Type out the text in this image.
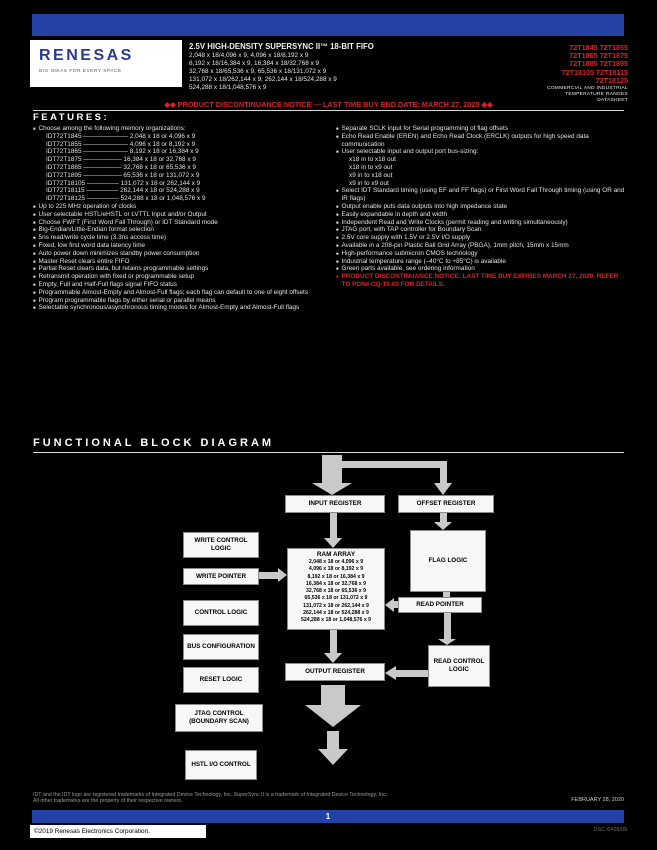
RENESAS
BIG IDEAS FOR EVERY SPACE
2.5V HIGH-DENSITY SUPERSYNC II™ 18-BIT FIFO
2,048 x 18/4,096 x 9, 4,096 x 18/8,192 x 9
8,192 x 18/16,384 x 9, 16,384 x 18/32,768 x 9
32,768 x 18/65,536 x 9, 65,536 x 18/131,072 x 9
131,072 x 18/262,144 x 9, 262,144 x 18/524,288 x 9
524,288 x 18/1,048,576 x 9
72T1845 72T1855
72T1865 72T1875
72T1885 72T1895
72T18105 72T18115
72T18125
COMMERCIAL AND INDUSTRIAL
TEMPERATURE RANGES
DATASHEET
◆◆ PRODUCT DISCONTINUANCE NOTICE — LAST TIME BUY END DATE: MARCH 27, 2020 ◆◆
FEATURES:
■ Choose among the following memory organizations:
IDT72T1845 ——————— 2,048 x 18 or 4,096 x 9
IDT72T1855 ——————— 4,096 x 18 or 8,192 x 9
IDT72T1865 ——————— 8,192 x 18 or 16,384 x 9
IDT72T1875 —————— 16,384 x 18 or 32,768 x 9
IDT72T1885 —————— 32,768 x 18 or 65,536 x 9
IDT72T1895 —————— 65,536 x 18 or 131,072 x 9
IDT72T18105 ————— 131,072 x 18 or 262,144 x 9
IDT72T18115 ————— 262,144 x 18 or 524,288 x 9
IDT72T18125 ————— 524,288 x 18 or 1,048,576 x 9
■ Up to 225 MHz operation of clocks
■ User selectable HSTL/eHSTL or LVTTL Input and/or Output
■ Choose FWFT (First Word Fall Through) or IDT Standard mode
■ Big-Endian/Little-Endian format selection
■ 5ns read/write cycle time (3.3ns access time)
■ Fixed, low first word data latency time
■ Auto power down minimizes standby power consumption
■ Master Reset clears entire FIFO
■ Partial Reset clears data, but retains programmable settings
■ Retransmit operation with fixed or programmable setup
■ Empty, Full and Half-Full flags signal FIFO status
■ Programmable Almost-Empty and Almost-Full flags; each flag can default to one of eight offsets
■ Program programmable flags by either serial or parallel means
■ Selectable synchronous/asynchronous timing modes for Almost-Empty and Almost-Full flags
■ Separate SCLK input for Serial programming of flag offsets
■ Echo Read Enable (EREN) and Echo Read Clock (ERCLK) outputs for high speed data communication
■ User selectable input and output port bus-sizing:
x18 in to x18 out
x18 in to x9 out
x9 in to x18 out
x9 in to x9 out
■ Select IDT Standard timing (using EF and FF flags) or First Word Fall Through timing (using OR and IR flags)
■ Output enable puts data outputs into high impedance state
■ Easily expandable in depth and width
■ Independent Read and Write Clocks (permit reading and writing simultaneously)
■ JTAG port, with TAP controller for Boundary Scan
■ 2.5V core supply with 1.5V or 2.5V I/O supply
■ Available in a 208-pin Plastic Ball Grid Array (PBGA), 1mm pitch, 15mm x 15mm
■ High-performance submicron CMOS technology
■ Industrial temperature range (–40°C to +85°C) is available
■ Green parts available, see ordering information
■ PRODUCT DISCONTINUANCE NOTICE: LAST TIME BUY EXPIRES MARCH 27, 2020. REFER TO PDN# CQ-19-03 FOR DETAILS.
FUNCTIONAL BLOCK DIAGRAM
INPUT REGISTER	OFFSET REGISTER
WRITE CONTROL LOGIC
WRITE POINTER
RAM ARRAY
2,048 x 18 or 4,096 x 9
4,096 x 18 or 8,192 x 9
8,192 x 18 or 16,384 x 9
16,384 x 18 or 32,768 x 9
32,768 x 18 or 65,536 x 9
65,536 x 18 or 131,072 x 9
131,072 x 18 or 262,144 x 9
262,144 x 18 or 524,288 x 9
524,288 x 18 or 1,048,576 x 9
FLAG LOGIC
READ POINTER
CONTROL LOGIC
BUS CONFIGURATION
RESET LOGIC
OUTPUT REGISTER
READ CONTROL LOGIC
JTAG CONTROL (BOUNDARY SCAN)
HSTL I/O CONTROL
IDT and the IDT logo are registered trademarks of Integrated Device Technology, Inc. SuperSync II is a trademark of Integrated Device Technology, Inc.
All other trademarks are the property of their respective owners.	FEBRUARY 28, 2020
1
©2019 Renesas Electronics Corporation.	DSC-6428/09
